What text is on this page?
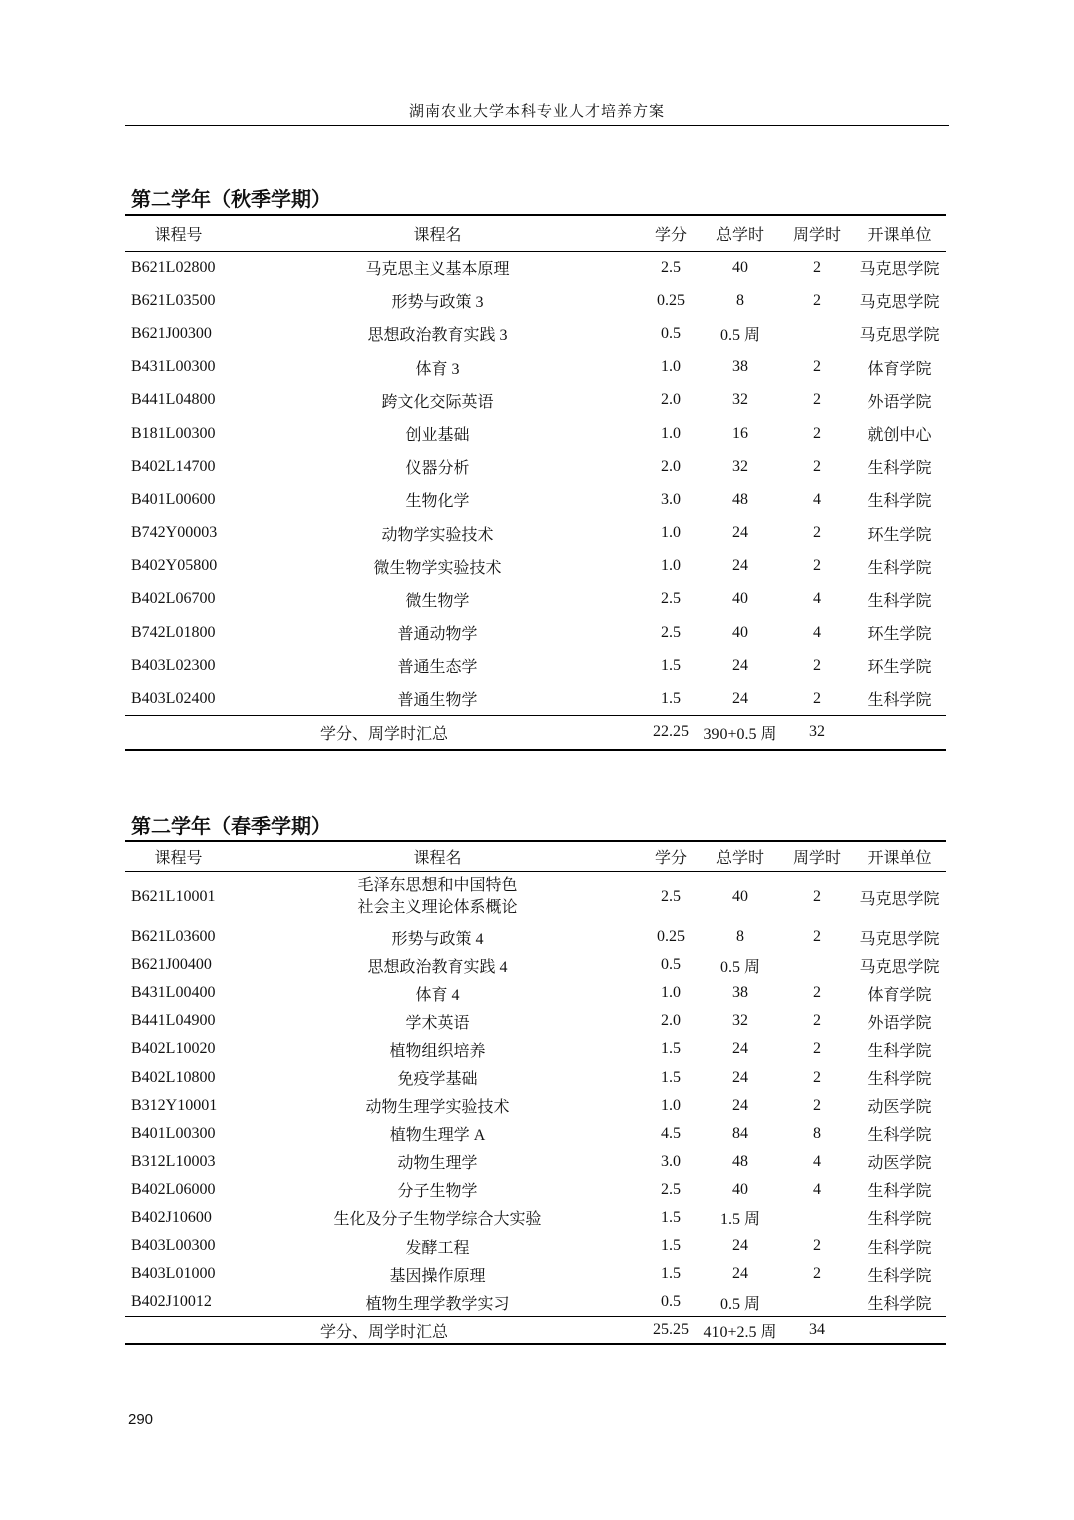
湖南农业大学本科专业人才培养方案
第二学年（秋季学期）
课程号	课程名	学分	总学时	周学时	开课单位
B621L02800	马克思主义基本原理	2.5	40	2	马克思学院
B621L03500	形势与政策 3	0.25	8	2	马克思学院
B621J00300	思想政治教育实践 3	0.5	0.5 周		马克思学院
B431L00300	体育 3	1.0	38	2	体育学院
B441L04800	跨文化交际英语	2.0	32	2	外语学院
B181L00300	创业基础	1.0	16	2	就创中心
B402L14700	仪器分析	2.0	32	2	生科学院
B401L00600	生物化学	3.0	48	4	生科学院
B742Y00003	动物学实验技术	1.0	24	2	环生学院
B402Y05800	微生物学实验技术	1.0	24	2	生科学院
B402L06700	微生物学	2.5	40	4	生科学院
B742L01800	普通动物学	2.5	40	4	环生学院
B403L02300	普通生态学	1.5	24	2	环生学院
B403L02400	普通生物学	1.5	24	2	生科学院
学分、周学时汇总		22.25	390+0.5 周	32	
第二学年（春季学期）
课程号	课程名	学分	总学时	周学时	开课单位
B621L10001	毛泽东思想和中国特色
社会主义理论体系概论	2.5	40	2	马克思学院
B621L03600	形势与政策 4	0.25	8	2	马克思学院
B621J00400	思想政治教育实践 4	0.5	0.5 周		马克思学院
B431L00400	体育 4	1.0	38	2	体育学院
B441L04900	学术英语	2.0	32	2	外语学院
B402L10020	植物组织培养	1.5	24	2	生科学院
B402L10800	免疫学基础	1.5	24	2	生科学院
B312Y10001	动物生理学实验技术	1.0	24	2	动医学院
B401L00300	植物生理学 A	4.5	84	8	生科学院
B312L10003	动物生理学	3.0	48	4	动医学院
B402L06000	分子生物学	2.5	40	4	生科学院
B402J10600	生化及分子生物学综合大实验	1.5	1.5 周		生科学院
B403L00300	发酵工程	1.5	24	2	生科学院
B403L01000	基因操作原理	1.5	24	2	生科学院
B402J10012	植物生理学教学实习	0.5	0.5 周		生科学院
学分、周学时汇总		25.25	410+2.5 周	34	
290
